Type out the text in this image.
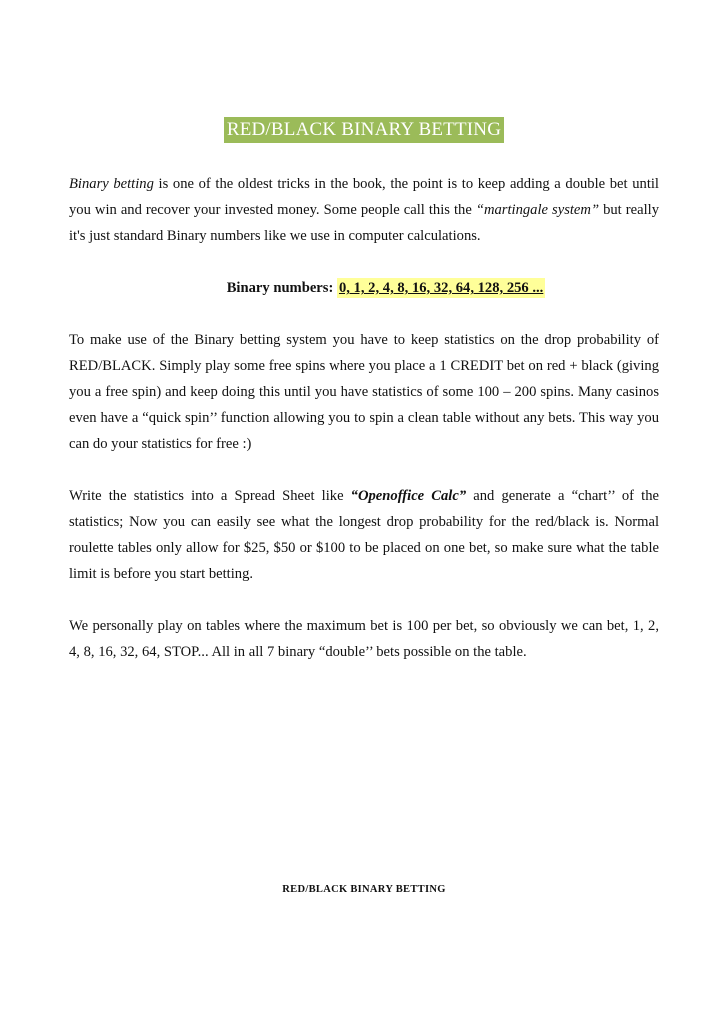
RED/BLACK BINARY BETTING

Binary betting is one of the oldest tricks in the book, the point is to keep adding a double bet until you win and recover your invested money. Some people call this the “martingale system” but really it's just standard Binary numbers like we use in computer calculations.

Binary numbers: 0, 1, 2, 4, 8, 16, 32, 64, 128, 256 ...

To make use of the Binary betting system you have to keep statistics on the drop probability of RED/BLACK. Simply play some free spins where you place a 1 CREDIT bet on red + black (giving you a free spin) and keep doing this until you have statistics of some 100 – 200 spins. Many casinos even have a “quick spin’’ function allowing you to spin a clean table without any bets. This way you can do your statistics for free :)

Write the statistics into a Spread Sheet like “Openoffice Calc” and generate a “chart’’ of the statistics; Now you can easily see what the longest drop probability for the red/black is. Normal roulette tables only allow for $25, $50 or $100 to be placed on one bet, so make sure what the table limit is before you start betting.

We personally play on tables where the maximum bet is 100 per bet, so obviously we can bet, 1, 2, 4, 8, 16, 32, 64, STOP... All in all 7 binary “double’’ bets possible on the table.

RED/BLACK BINARY BETTING
